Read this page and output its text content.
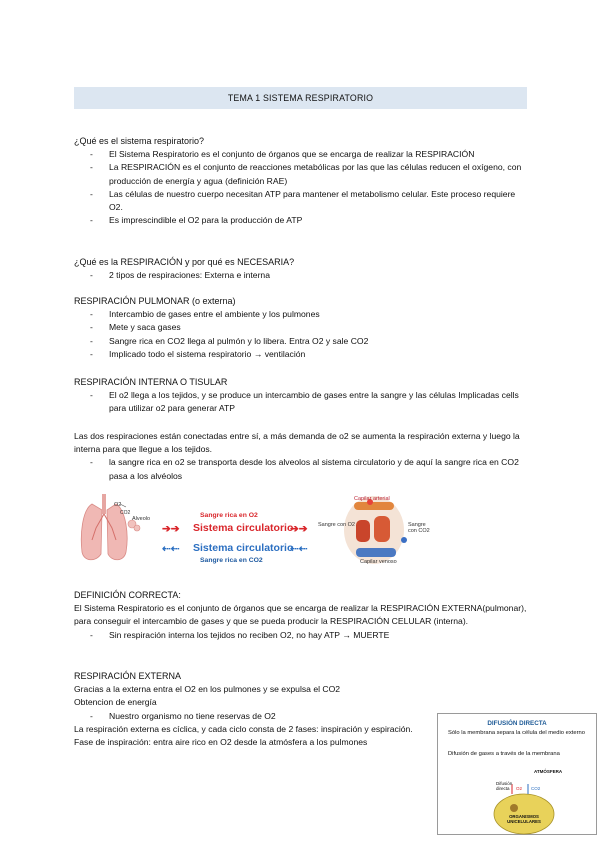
TEMA 1 SISTEMA RESPIRATORIO

¿Qué es el sistema respiratorio?

- El Sistema Respiratorio es el conjunto de órganos que se encarga de realizar la RESPIRACIÓN
- La RESPIRACIÓN es el conjunto de reacciones metabólicas por las que las células reducen el oxígeno, con producción de energía y agua (definición RAE)
- Las células de nuestro cuerpo necesitan ATP para mantener el metabolismo celular. Este proceso requiere O2.
- Es imprescindible el O2 para la producción de ATP

¿Qué es la RESPIRACIÓN y por qué es NECESARIA?

- 2 tipos de respiraciones: Externa e interna

RESPIRACIÓN PULMONAR (o externa)

- Intercambio de gases entre el ambiente y los pulmones
- Mete y saca gases
- Sangre rica en CO2 llega al pulmón y lo libera. Entra O2 y sale CO2
- Implicado todo el sistema respiratorio → ventilación

RESPIRACIÓN INTERNA O TISULAR

- El o2 llega a los tejidos, y se produce un intercambio de gases entre la sangre y las células Implicadas cells para utilizar o2 para generar ATP

Las dos respiraciones están conectadas entre sí, a más demanda de o2 se aumenta la respiración externa y luego la interna para que llegue a los tejidos.

- la sangre rica en o2 se transporta desde los alveolos al sistema circulatorio y de aquí la sangre rica en CO2 pasa a los alvéolos
O2
CO2
Alveolo	Sangre rica en O2
➔➔ Sistema circulatorio
➔➔
⇠⇠ Sistema circulatorio
⇠⇠
Sangre rica en CO2
Capilar arterial
Sangre con O2	Sangre con CO2
Capilar venoso

DEFINICIÓN CORRECTA:

El Sistema Respiratorio es el conjunto de órganos que se encarga de realizar la RESPIRACIÓN EXTERNA(pulmonar), para conseguir el intercambio de gases y que se pueda producir la RESPIRACIÓN CELULAR (interna).

- Sin respiración interna los tejidos no reciben O2, no hay ATP → MUERTE

RESPIRACIÓN EXTERNA

Gracias a la externa entra el O2 en los pulmones y se expulsa el CO2

Obtencion de energía

- Nuestro organismo no tiene reservas de O2

La respiración externa es cíclica, y cada ciclo consta de 2 fases: inspiración y espiración.

Fase de inspiración: entra aire rico en O2 desde la atmósfera a los pulmones

DIFUSIÓN DIRECTA
Sólo la membrana separa la célula del medio externo
Difusión de gases a través de la membrana
ATMÓSFERA
Difusión directa	O2 CO2
ORGANISMOS UNICELULARES
